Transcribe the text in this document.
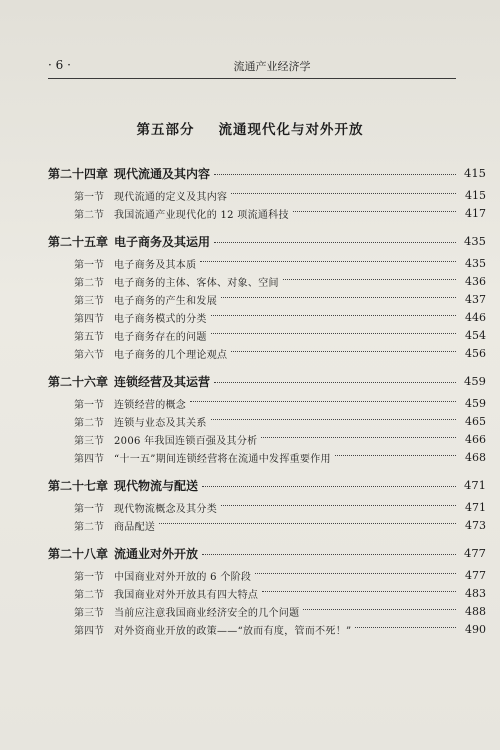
· 6 ·	流通产业经济学
第五部分 流通现代化与对外开放
第二十四章 现代流通及其内容	415
第一节	现代流通的定义及其内容	415
第二节	我国流通产业现代化的 12 项流通科技	417
第二十五章 电子商务及其运用	435
第一节	电子商务及其本质	435
第二节	电子商务的主体、客体、对象、空间	436
第三节	电子商务的产生和发展	437
第四节	电子商务模式的分类	446
第五节	电子商务存在的问题	454
第六节	电子商务的几个理论观点	456
第二十六章 连锁经营及其运营	459
第一节	连锁经营的概念	459
第二节	连锁与业态及其关系	465
第三节	2006 年我国连锁百强及其分析	466
第四节	“十一五”期间连锁经营将在流通中发挥重要作用	468
第二十七章 现代物流与配送	471
第一节	现代物流概念及其分类	471
第二节	商品配送	473
第二十八章 流通业对外开放	477
第一节	中国商业对外开放的 6 个阶段	477
第二节	我国商业对外开放具有四大特点	483
第三节	当前应注意我国商业经济安全的几个问题	488
第四节	对外资商业开放的政策——“放而有度，管而不死！”	490
